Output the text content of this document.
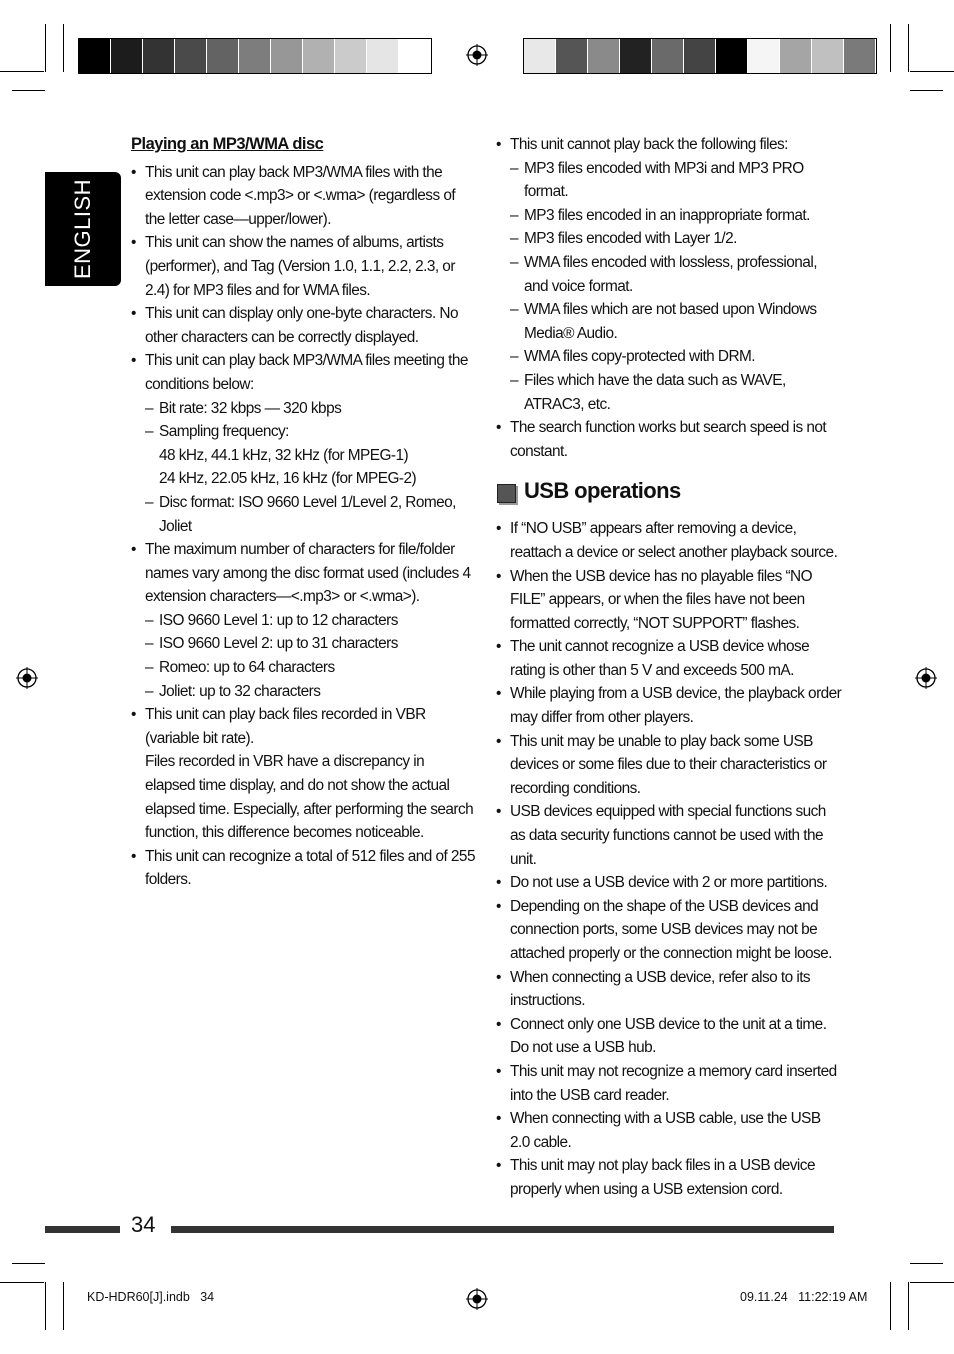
ENGLISH
Playing an MP3/WMA disc
• This unit can play back MP3/WMA files with the extension code <.mp3> or <.wma> (regardless of the letter case—upper/lower).
• This unit can show the names of albums, artists (performer), and Tag (Version 1.0, 1.1, 2.2, 2.3, or 2.4) for MP3 files and for WMA files.
• This unit can display only one-byte characters. No other characters can be correctly displayed.
• This unit can play back MP3/WMA files meeting the conditions below:
– Bit rate: 32 kbps — 320 kbps
– Sampling frequency:
48 kHz, 44.1 kHz, 32 kHz (for MPEG-1)
24 kHz, 22.05 kHz, 16 kHz (for MPEG-2)
– Disc format: ISO 9660 Level 1/Level 2, Romeo, Joliet
• The maximum number of characters for file/folder names vary among the disc format used (includes 4 extension characters—<.mp3> or <.wma>).
– ISO 9660 Level 1: up to 12 characters
– ISO 9660 Level 2: up to 31 characters
– Romeo: up to 64 characters
– Joliet: up to 32 characters
• This unit can play back files recorded in VBR (variable bit rate).
Files recorded in VBR have a discrepancy in elapsed time display, and do not show the actual elapsed time. Especially, after performing the search function, this difference becomes noticeable.
• This unit can recognize a total of 512 files and of 255 folders.
• This unit cannot play back the following files:
– MP3 files encoded with MP3i and MP3 PRO format.
– MP3 files encoded in an inappropriate format.
– MP3 files encoded with Layer 1/2.
– WMA files encoded with lossless, professional, and voice format.
– WMA files which are not based upon Windows Media® Audio.
– WMA files copy-protected with DRM.
– Files which have the data such as WAVE, ATRAC3, etc.
• The search function works but search speed is not constant.
USB operations
• If “NO USB” appears after removing a device, reattach a device or select another playback source.
• When the USB device has no playable files “NO FILE” appears, or when the files have not been formatted correctly, “NOT SUPPORT” flashes.
• The unit cannot recognize a USB device whose rating is other than 5 V and exceeds 500 mA.
• While playing from a USB device, the playback order may differ from other players.
• This unit may be unable to play back some USB devices or some files due to their characteristics or recording conditions.
• USB devices equipped with special functions such as data security functions cannot be used with the unit.
• Do not use a USB device with 2 or more partitions.
• Depending on the shape of the USB devices and connection ports, some USB devices may not be attached properly or the connection might be loose.
• When connecting a USB device, refer also to its instructions.
• Connect only one USB device to the unit at a time. Do not use a USB hub.
• This unit may not recognize a memory card inserted into the USB card reader.
• When connecting with a USB cable, use the USB 2.0 cable.
• This unit may not play back files in a USB device properly when using a USB extension cord.
34
KD-HDR60[J].indb   34	09.11.24   11:22:19 AM
